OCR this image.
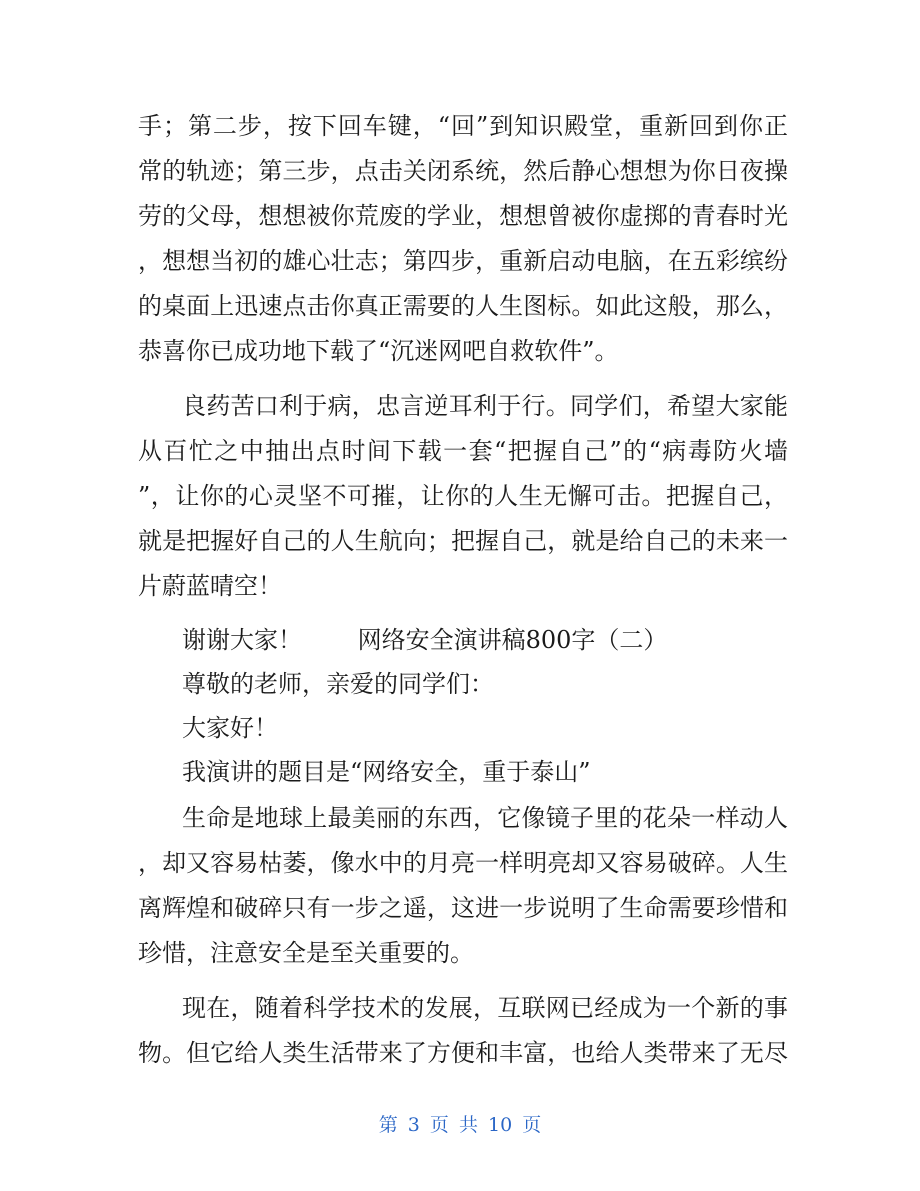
手；第二步，按下回车键，“回”到知识殿堂，重新回到你正
常的轨迹；第三步，点击关闭系统，然后静心想想为你日夜操
劳的父母，想想被你荒废的学业，想想曾被你虚掷的青春时光
，想想当初的雄心壮志；第四步，重新启动电脑，在五彩缤纷
的桌面上迅速点击你真正需要的人生图标。如此这般，那么，
恭喜你已成功地下载了“沉迷网吧自救软件”。
良药苦口利于病，忠言逆耳利于行。同学们，希望大家能
从百忙之中抽出点时间下载一套“把握自己”的“病毒防火墙
”，让你的心灵坚不可摧，让你的人生无懈可击。把握自己，
就是把握好自己的人生航向；把握自己，就是给自己的未来一
片蔚蓝晴空！
谢谢大家！　　 网络安全演讲稿800字（二）
尊敬的老师，亲爱的同学们：
大家好！
我演讲的题目是“网络安全，重于泰山”
生命是地球上最美丽的东西，它像镜子里的花朵一样动人
，却又容易枯萎，像水中的月亮一样明亮却又容易破碎。人生
离辉煌和破碎只有一步之遥，这进一步说明了生命需要珍惜和
珍惜，注意安全是至关重要的。
现在，随着科学技术的发展，互联网已经成为一个新的事
物。但它给人类生活带来了方便和丰富，也给人类带来了无尽
第 3 页 共 10 页
